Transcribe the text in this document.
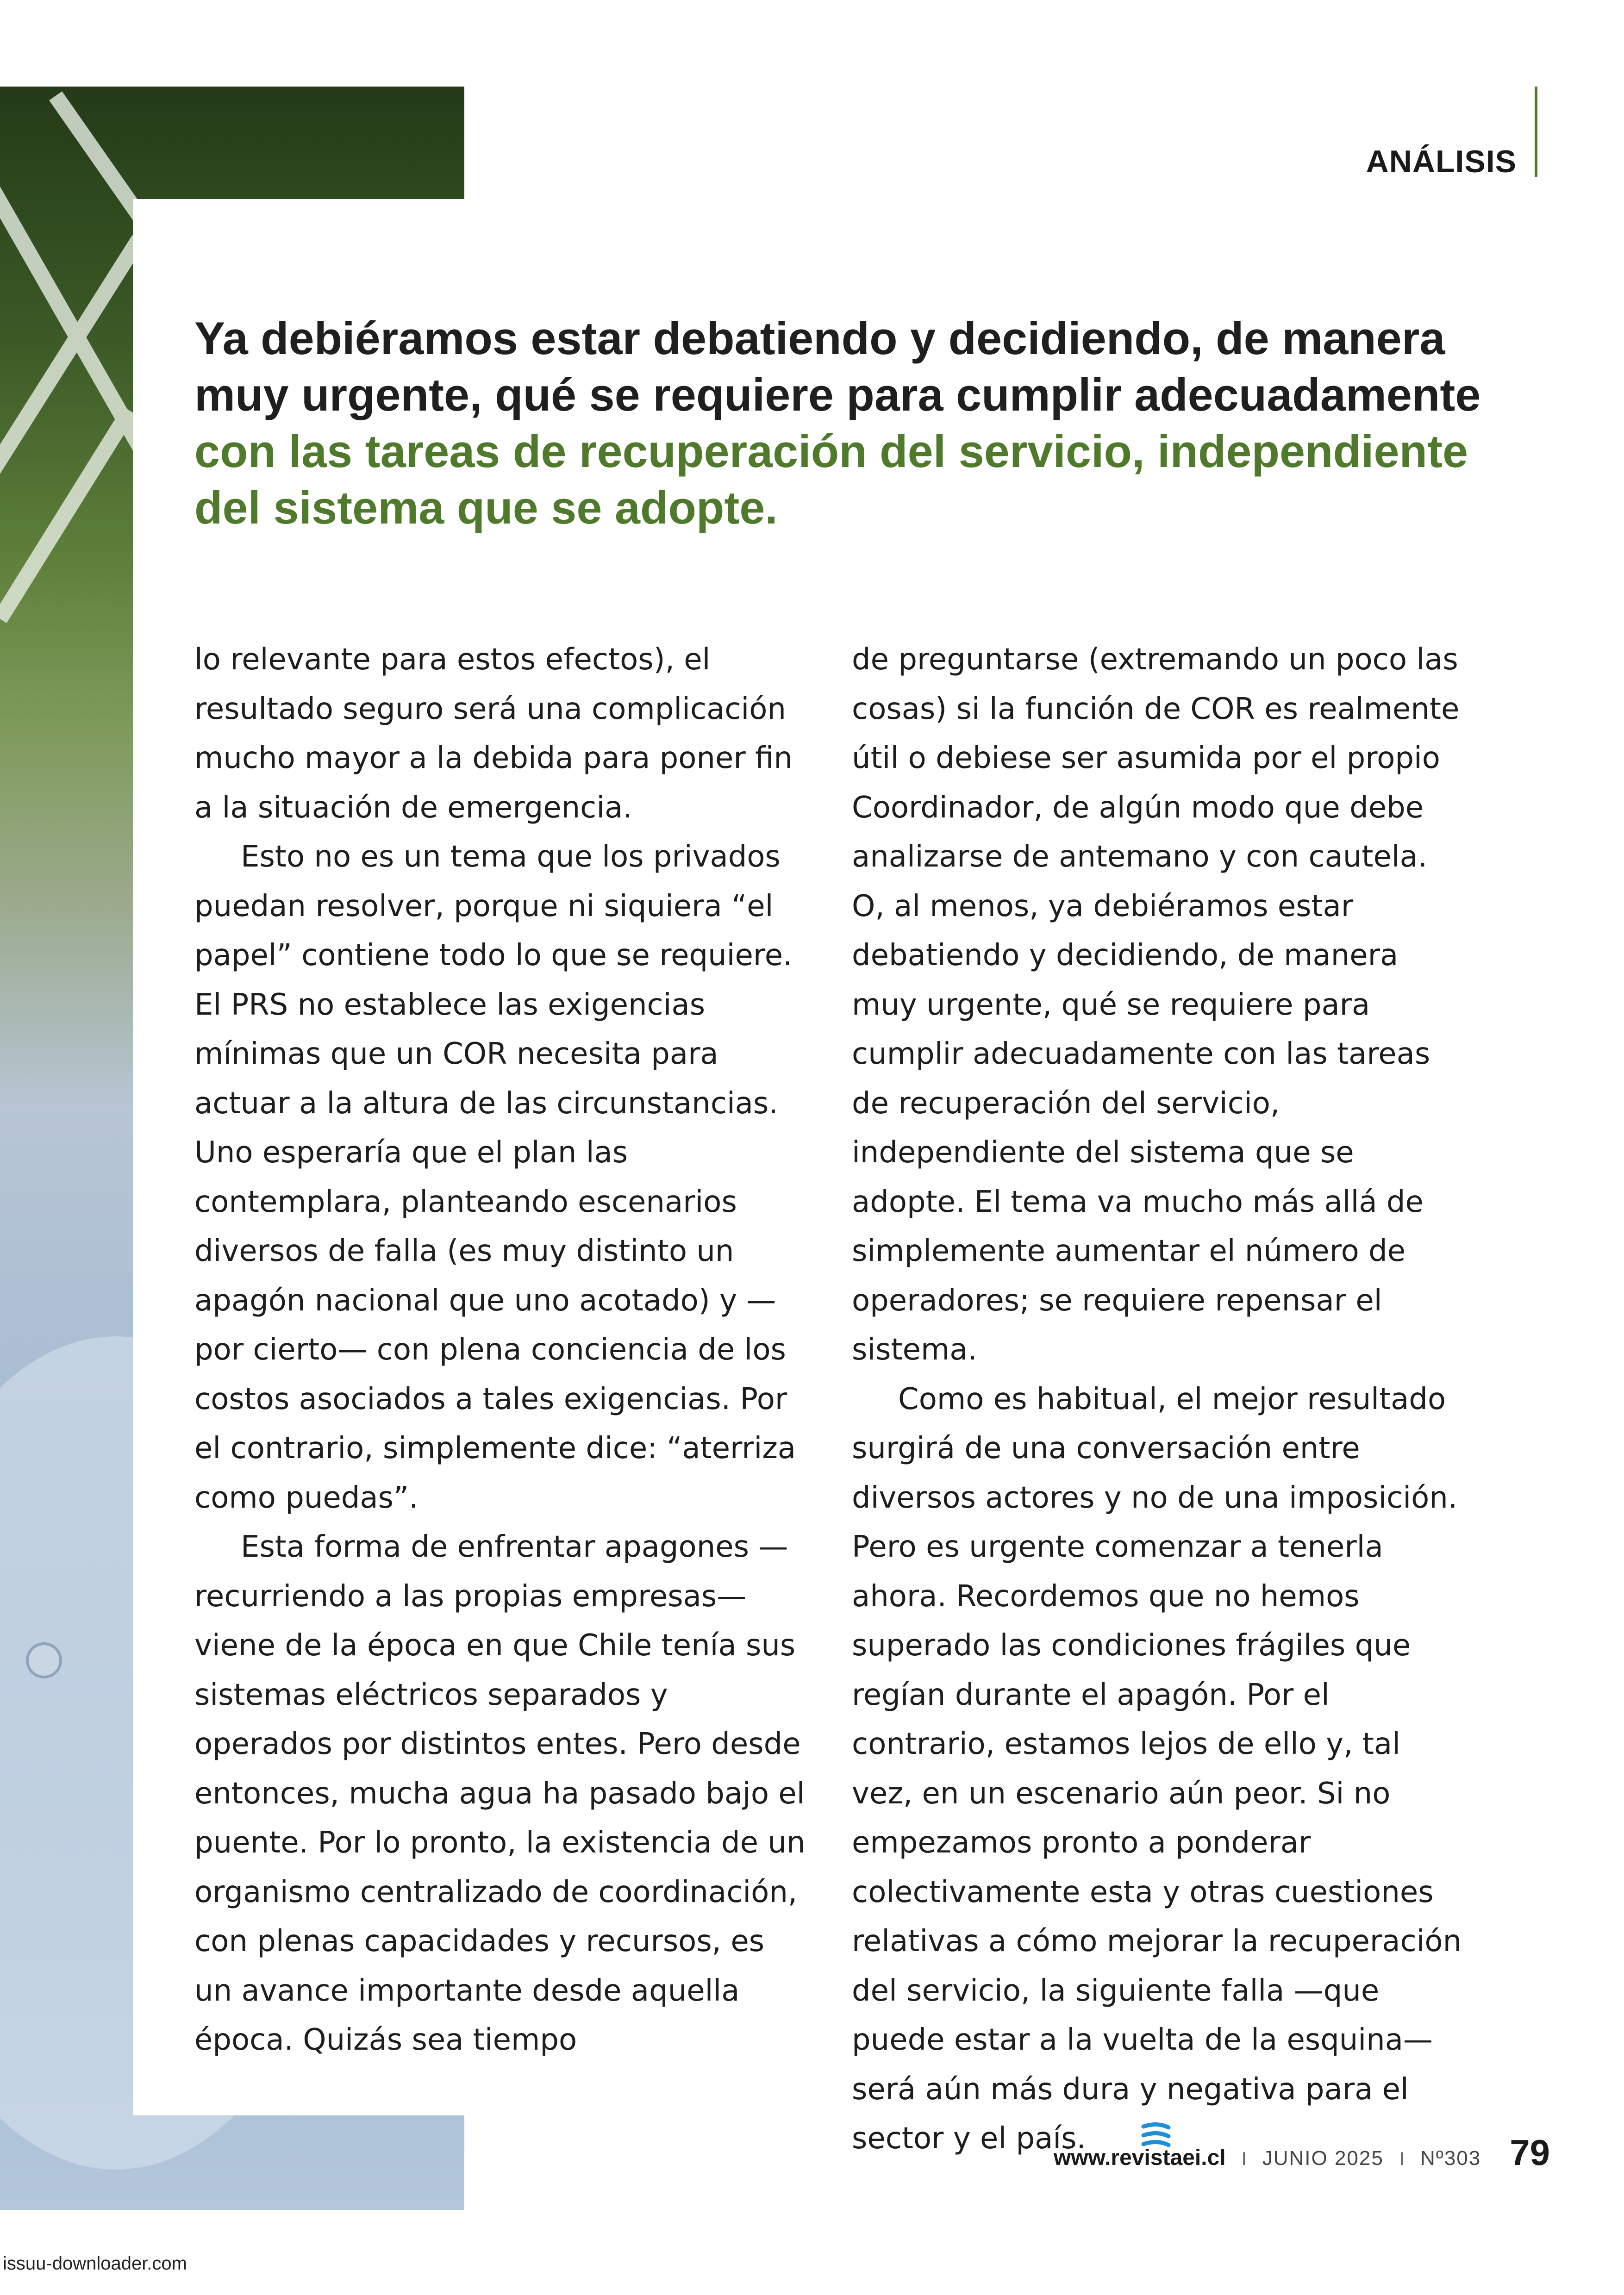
ANÁLISIS
Ya debiéramos estar debatiendo y decidiendo, de manera muy urgente, qué se requiere para cumplir adecuadamente con las tareas de recuperación del servicio, independiente del sistema que se adopte.

lo relevante para estos efectos), el resultado seguro será una complicación mucho mayor a la debida para poner fin a la situación de emergencia.

Esto no es un tema que los privados puedan resolver, porque ni siquiera “el papel” contiene todo lo que se requiere. El PRS no establece las exigencias mínimas que un COR necesita para actuar a la altura de las circunstancias. Uno esperaría que el plan las contemplara, planteando escenarios diversos de falla (es muy distinto un apagón nacional que uno acotado) y —por cierto— con plena conciencia de los costos asociados a tales exigencias. Por el contrario, simplemente dice: “aterriza como puedas”.

Esta forma de enfrentar apagones —recurriendo a las propias empresas— viene de la época en que Chile tenía sus sistemas eléctricos separados y operados por distintos entes. Pero desde entonces, mucha agua ha pasado bajo el puente. Por lo pronto, la existencia de un organismo centralizado de coordinación, con plenas capacidades y recursos, es un avance importante desde aquella época. Quizás sea tiempo

de preguntarse (extremando un poco las cosas) si la función de COR es realmente útil o debiese ser asumida por el propio Coordinador, de algún modo que debe analizarse de antemano y con cautela. O, al menos, ya debiéramos estar debatiendo y decidiendo, de manera muy urgente, qué se requiere para cumplir adecuadamente con las tareas de recuperación del servicio, independiente del sistema que se adopte. El tema va mucho más allá de simplemente aumentar el número de operadores; se requiere repensar el sistema.

Como es habitual, el mejor resultado surgirá de una conversación entre diversos actores y no de una imposición. Pero es urgente comenzar a tenerla ahora. Recordemos que no hemos superado las condiciones frágiles que regían durante el apagón. Por el contrario, estamos lejos de ello y, tal vez, en un escenario aún peor. Si no empezamos pronto a ponderar colectivamente esta y otras cuestiones relativas a cómo mejorar la recuperación del servicio, la siguiente falla —que puede estar a la vuelta de la esquina— será aún más dura y negativa para el sector y el país.

www.revistaei.cl I JUNIO 2025 I Nº303 79
issuu-downloader.com
